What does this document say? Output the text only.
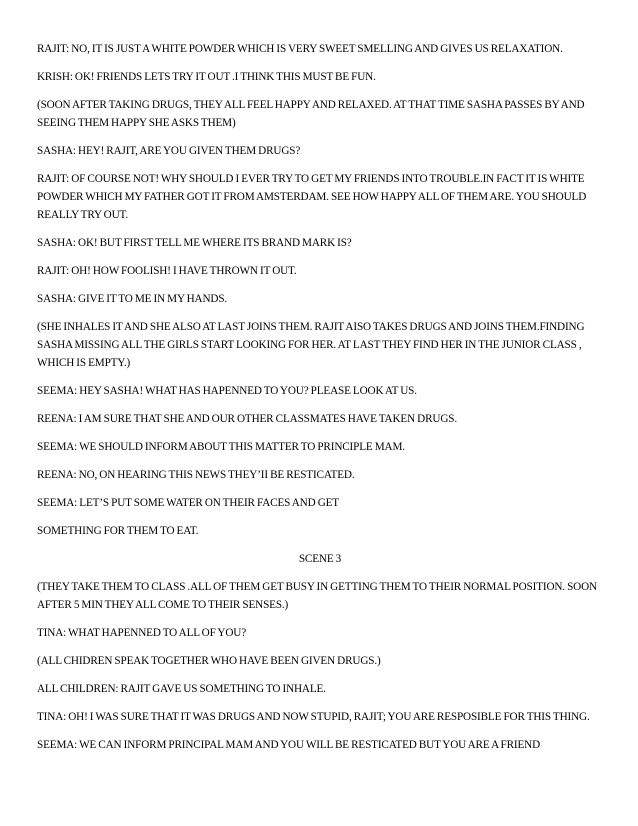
RAJIT: NO, IT IS JUST A WHITE POWDER WHICH IS VERY SWEET SMELLING AND GIVES US RELAXATION.

KRISH: OK! FRIENDS LETS TRY IT OUT .I THINK THIS MUST BE FUN.

(SOON AFTER TAKING DRUGS, THEY ALL FEEL HAPPY AND RELAXED. AT THAT TIME SASHA PASSES BY AND SEEING THEM HAPPY SHE ASKS THEM)

SASHA: HEY! RAJIT, ARE YOU GIVEN THEM DRUGS?

RAJIT: OF COURSE NOT! WHY SHOULD I EVER TRY TO GET MY FRIENDS INTO TROUBLE.IN FACT IT IS WHITE POWDER WHICH MY FATHER GOT IT FROM AMSTERDAM. SEE HOW HAPPY ALL OF THEM ARE. YOU SHOULD REALLY TRY OUT.

SASHA: OK! BUT FIRST TELL ME WHERE ITS BRAND MARK IS?

RAJIT: OH! HOW FOOLISH! I HAVE THROWN IT OUT.

SASHA: GIVE IT TO ME IN MY HANDS.

(SHE INHALES IT AND SHE ALSO AT LAST JOINS THEM. RAJIT AISO TAKES DRUGS AND JOINS THEM.FINDING SASHA MISSING ALL THE GIRLS START LOOKING FOR HER. AT LAST THEY FIND HER IN THE JUNIOR CLASS , WHICH IS EMPTY.)

SEEMA: HEY SASHA! WHAT HAS HAPENNED TO YOU? PLEASE LOOK AT US.

REENA: I AM SURE THAT SHE AND OUR OTHER CLASSMATES HAVE TAKEN DRUGS.

SEEMA: WE SHOULD INFORM ABOUT THIS MATTER TO PRINCIPLE MAM.

REENA: NO, ON HEARING THIS NEWS THEY’II BE RESTICATED.

SEEMA: LET’S PUT SOME WATER ON THEIR FACES AND GET

SOMETHING FOR THEM TO EAT.

SCENE 3

(THEY TAKE THEM TO CLASS .ALL OF THEM GET BUSY IN GETTING THEM TO THEIR NORMAL POSITION. SOON AFTER 5 MIN THEY ALL COME TO THEIR SENSES.)

TINA: WHAT HAPENNED TO ALL OF YOU?

(ALL CHIDREN SPEAK TOGETHER WHO HAVE BEEN GIVEN DRUGS.)

ALL CHILDREN: RAJIT GAVE US SOMETHING TO INHALE.

TINA: OH! I WAS SURE THAT IT WAS DRUGS AND NOW STUPID, RAJIT; YOU ARE RESPOSIBLE FOR THIS THING.

SEEMA: WE CAN INFORM PRINCIPAL MAM AND YOU WILL BE RESTICATED BUT YOU ARE A FRIEND
